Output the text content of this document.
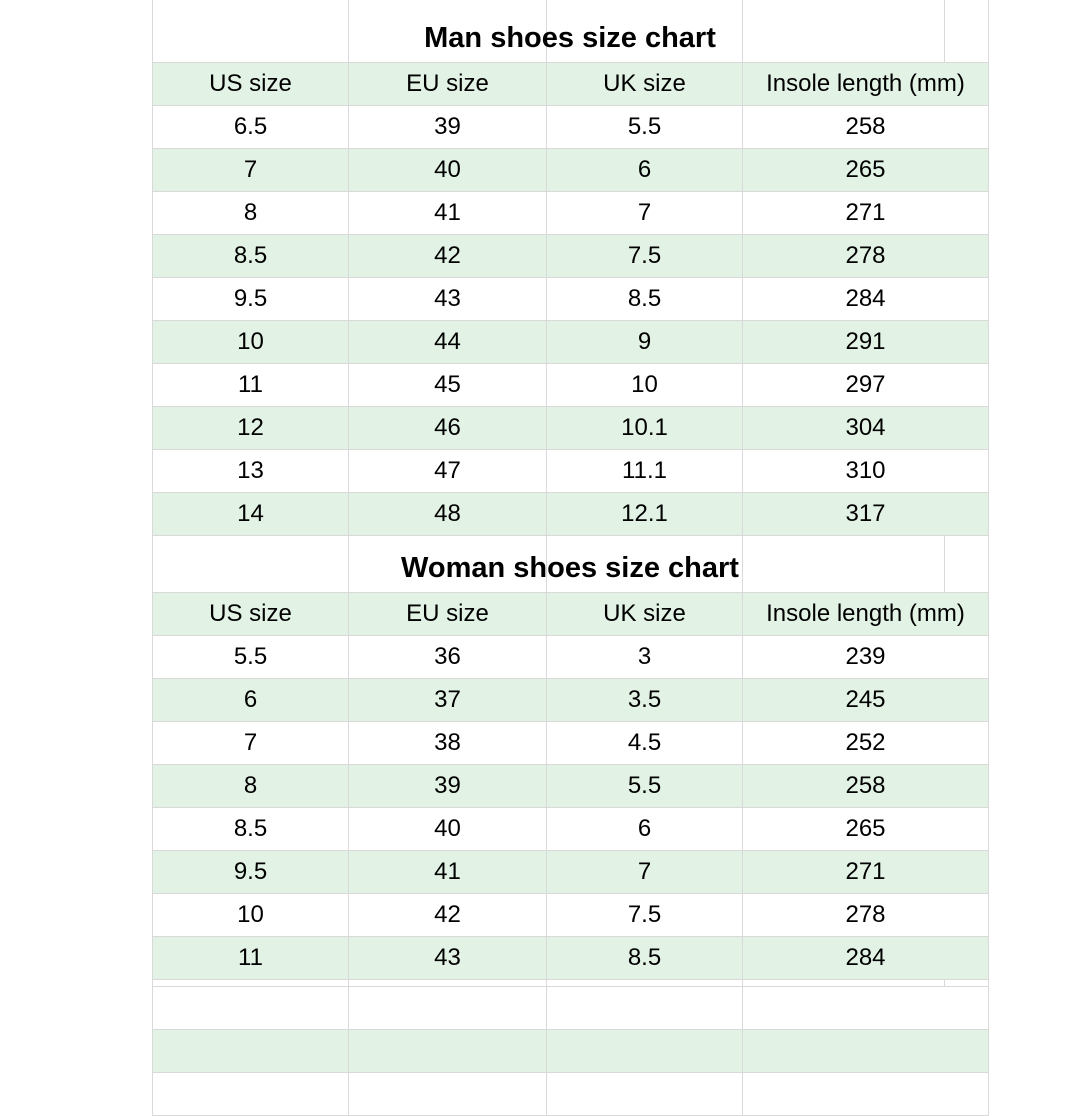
Man shoes size chart
US size	EU size	UK size	Insole length (mm)
6.5	39	5.5	258
7	40	6	265
8	41	7	271
8.5	42	7.5	278
9.5	43	8.5	284
10	44	9	291
11	45	10	297
12	46	10.1	304
13	47	11.1	310
14	48	12.1	317
Woman shoes size chart
US size	EU size	UK size	Insole length (mm)
5.5	36	3	239
6	37	3.5	245
7	38	4.5	252
8	39	5.5	258
8.5	40	6	265
9.5	41	7	271
10	42	7.5	278
11	43	8.5	284
